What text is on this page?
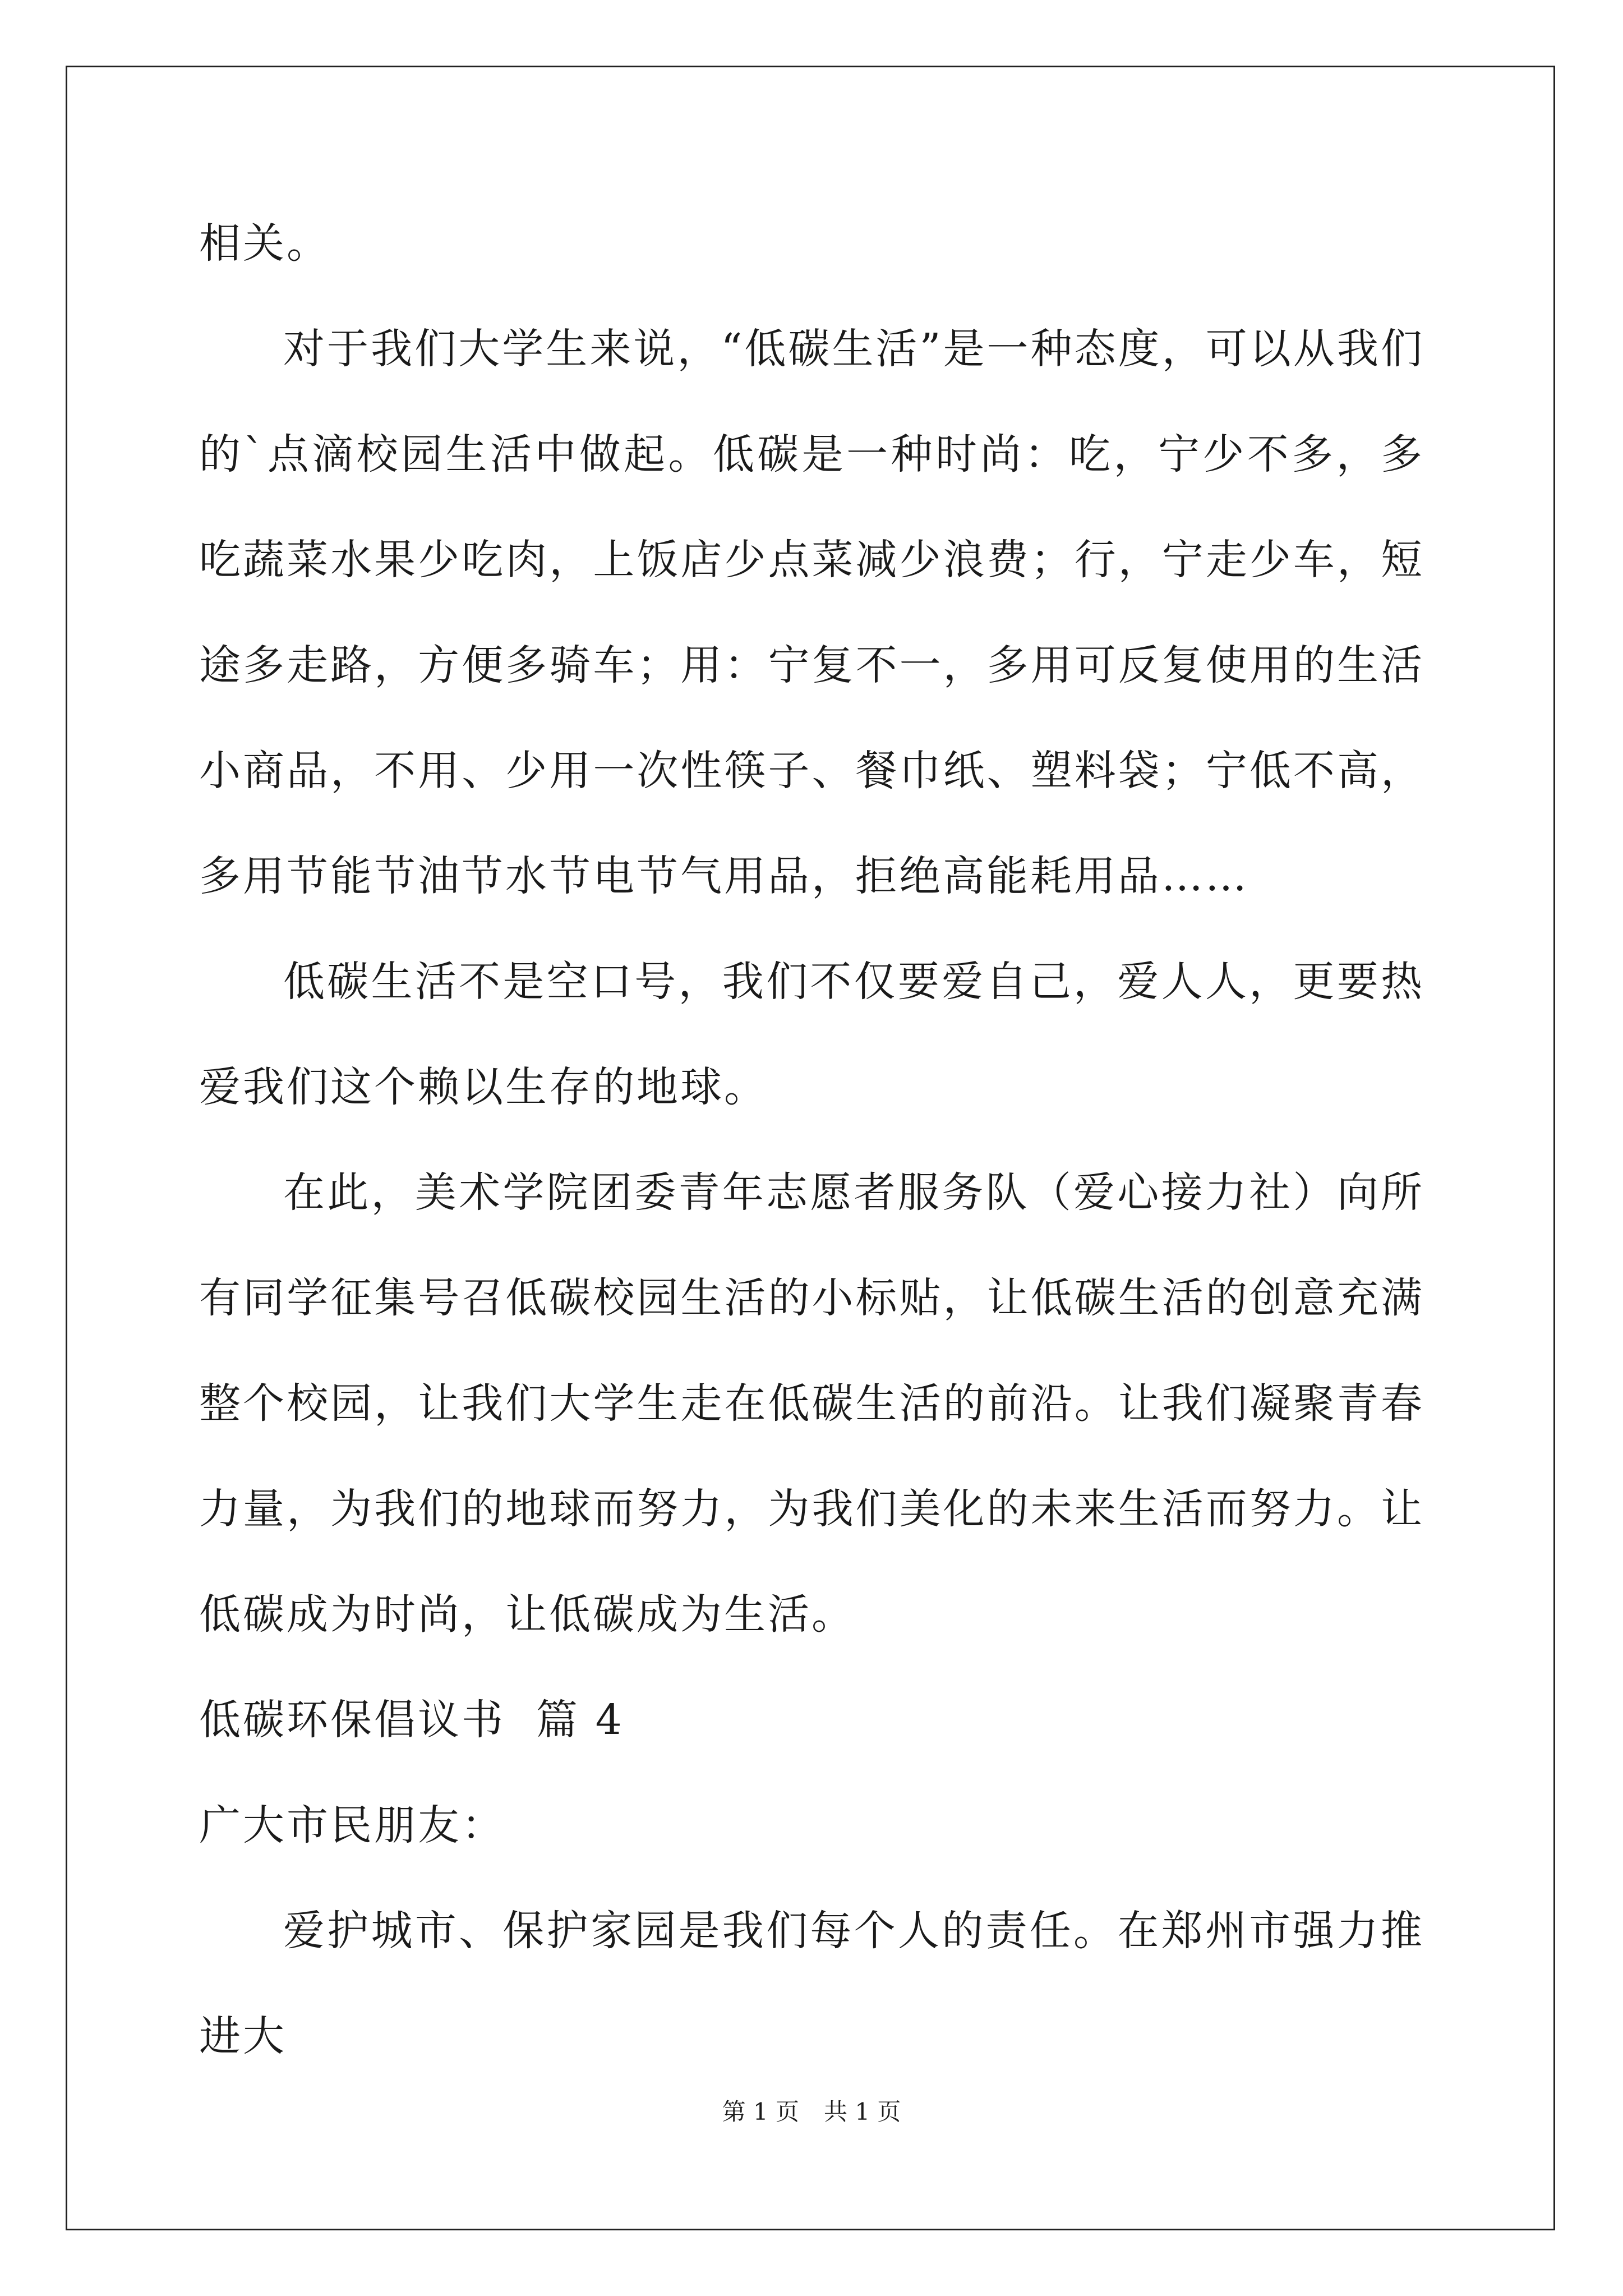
相关。

对于我们大学生来说，“低碳生活”是一种态度，可以从我们的`点滴校园生活中做起。低碳是一种时尚：吃，宁少不多，多吃蔬菜水果少吃肉，上饭店少点菜减少浪费；行，宁走少车，短途多走路，方便多骑车；用：宁复不一，多用可反复使用的生活小商品，不用、少用一次性筷子、餐巾纸、塑料袋；宁低不高，多用节能节油节水节电节气用品，拒绝高能耗用品……

低碳生活不是空口号，我们不仅要爱自己，爱人人，更要热爱我们这个赖以生存的地球。

在此，美术学院团委青年志愿者服务队（爱心接力社）向所有同学征集号召低碳校园生活的小标贴，让低碳生活的创意充满整个校园，让我们大学生走在低碳生活的前沿。让我们凝聚青春力量，为我们的地球而努力，为我们美化的未来生活而努力。让低碳成为时尚，让低碳成为生活。

低碳环保倡议书  篇 4

广大市民朋友：

爱护城市、保护家园是我们每个人的责任。在郑州市强力推进大

第 1 页 共 1 页
